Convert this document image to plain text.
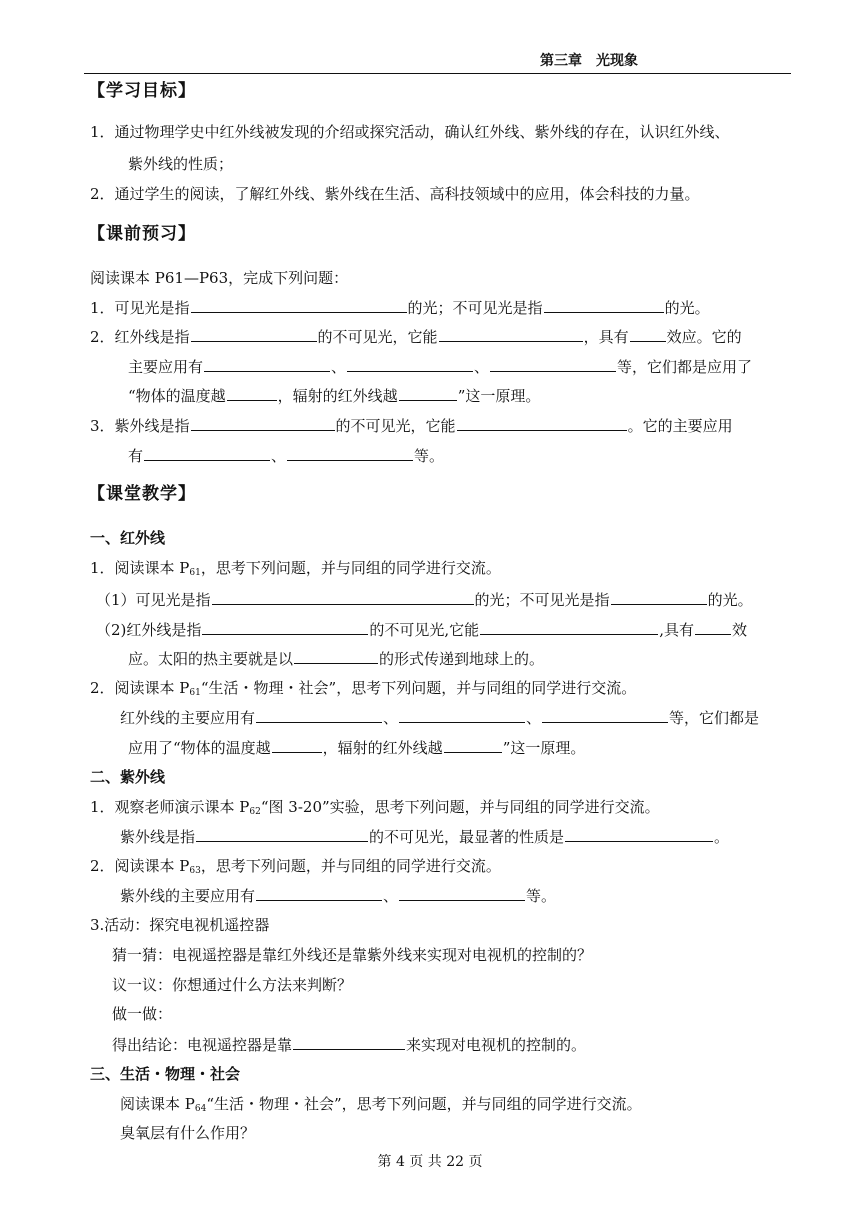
第三章　光现象
【学习目标】
1．通过物理学史中红外线被发现的介绍或探究活动，确认红外线、紫外线的存在，认识红外线、
紫外线的性质；
2．通过学生的阅读，了解红外线、紫外线在生活、高科技领域中的应用，体会科技的力量。
【课前预习】
阅读课本 P61—P63，完成下列问题：
1．可见光是指	的光；不可见光是指	的光。
2．红外线是指	的不可见光，它能	，具有	效应。它的
主要应用有	、	、	等，它们都是应用了
“物体的温度越	，辐射的红外线越	”这一原理。
3．紫外线是指	的不可见光，它能	。它的主要应用
有	、	等。
【课堂教学】
一、红外线
1．阅读课本 $P_{61}$，思考下列问题，并与同组的同学进行交流。
（1）可见光是指	的光；不可见光是指	的光。
（2)红外线是指	的不可见光,它能	,具有	效
应。太阳的热主要就是以	的形式传递到地球上的。
2．阅读课本 $P_{61}“$生活・物理・社会”，思考下列问题，并与同组的同学进行交流。
红外线的主要应用有	、	、	等，它们都是
应用了“物体的温度越	，辐射的红外线越	”这一原理。
二、紫外线
1．观察老师演示课本 $P_{62}“$图 3-20”实验，思考下列问题，并与同组的同学进行交流。
紫外线是指	的不可见光，最显著的性质是	。
2．阅读课本 $P_{63}$，思考下列问题，并与同组的同学进行交流。
紫外线的主要应用有	、	等。
3.活动：探究电视机遥控器
猜一猜：电视遥控器是靠红外线还是靠紫外线来实现对电视机的控制的？
议一议：你想通过什么方法来判断？
做一做：
得出结论：电视遥控器是靠	来实现对电视机的控制的。
三、生活・物理・社会
阅读课本 $P_{64}“$生活・物理・社会”，思考下列问题，并与同组的同学进行交流。
臭氧层有什么作用？
第 4 页 共 22 页
